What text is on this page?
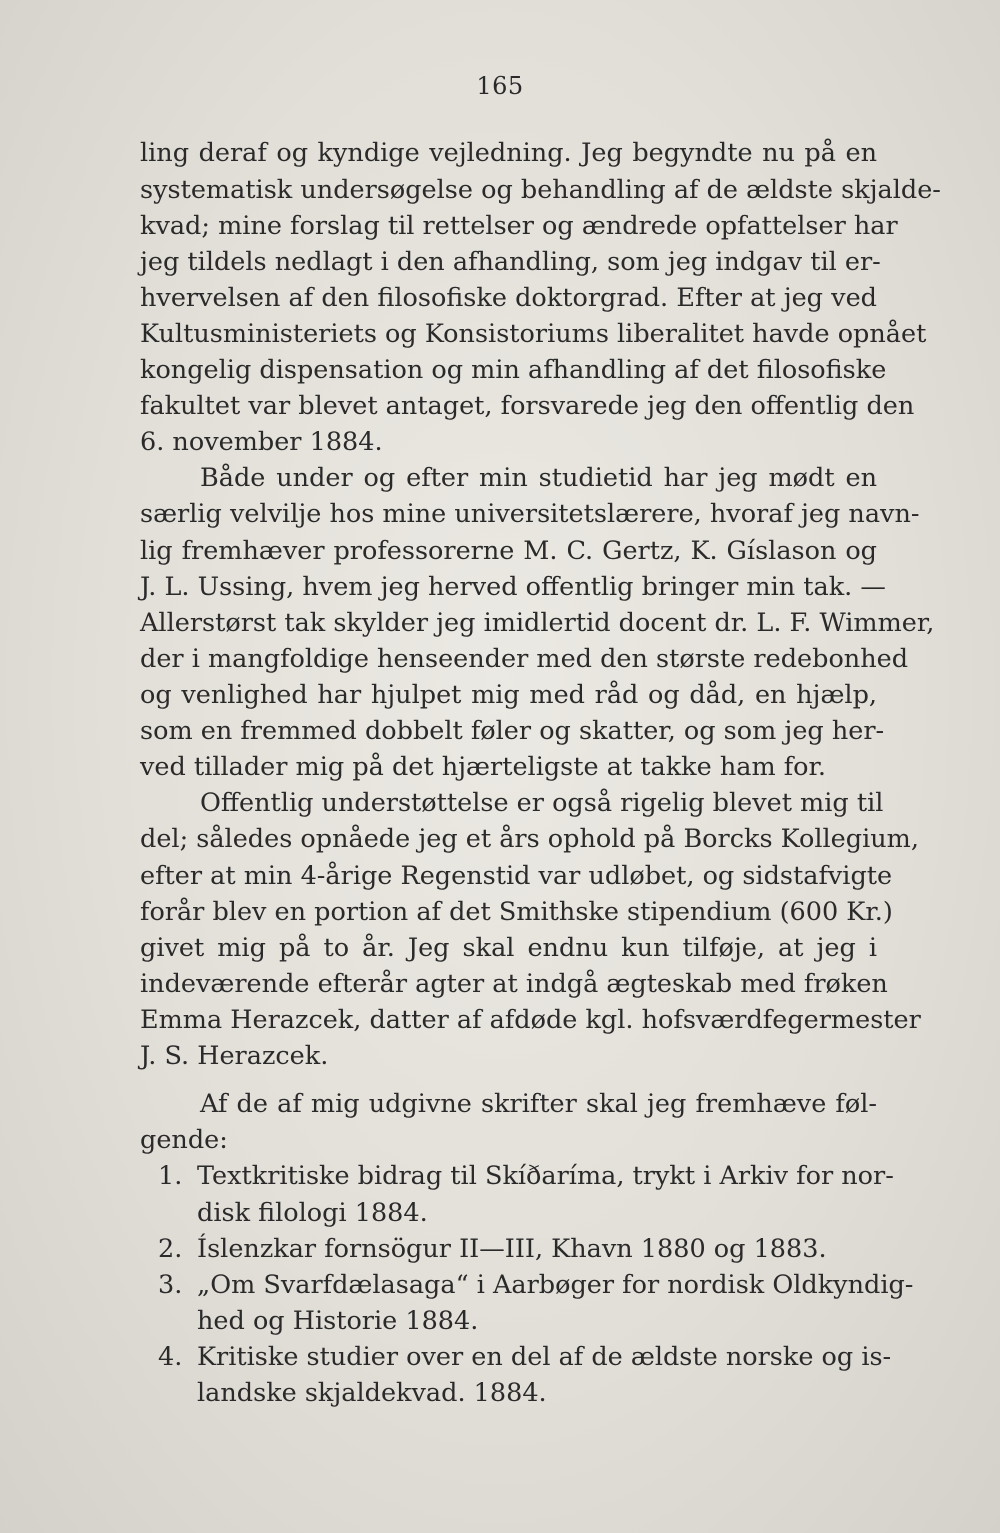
165
ling deraf og kyndige vejledning. Jeg begyndte nu på en
systematisk undersøgelse og behandling af de ældste skjalde-
kvad; mine forslag til rettelser og ændrede opfattelser har
jeg tildels nedlagt i den afhandling, som jeg indgav til er-
hvervelsen af den filosofiske doktorgrad. Efter at jeg ved
Kultusministeriets og Konsistoriums liberalitet havde opnået
kongelig dispensation og min afhandling af det filosofiske
fakultet var blevet antaget, forsvarede jeg den offentlig den
6. november 1884.
Både under og efter min studietid har jeg mødt en
særlig velvilje hos mine universitetslærere, hvoraf jeg navn-
lig fremhæver professorerne M. C. Gertz, K. Gíslason og
J. L. Ussing, hvem jeg herved offentlig bringer min tak. —
Allerstørst tak skylder jeg imidlertid docent dr. L. F. Wimmer,
der i mangfoldige henseender med den største redebonhed
og venlighed har hjulpet mig med råd og dåd, en hjælp,
som en fremmed dobbelt føler og skatter, og som jeg her-
ved tillader mig på det hjærteligste at takke ham for.
Offentlig understøttelse er også rigelig blevet mig til
del; således opnåede jeg et års ophold på Borcks Kollegium,
efter at min 4-årige Regenstid var udløbet, og sidstafvigte
forår blev en portion af det Smithske stipendium (600 Kr.)
givet mig på to år. Jeg skal endnu kun tilføje, at jeg i
indeværende efterår agter at indgå ægteskab med frøken
Emma Herazcek, datter af afdøde kgl. hofsværdfegermester
J. S. Herazcek.
Af de af mig udgivne skrifter skal jeg fremhæve føl-
gende:
1. Textkritiske bidrag til Skíðaríma, trykt i Arkiv for nor-
disk filologi 1884.
2. Íslenzkar fornsögur II—III, Khavn 1880 og 1883.
3. „Om Svarfdælasaga“ i Aarbøger for nordisk Oldkyndig-
hed og Historie 1884.
4. Kritiske studier over en del af de ældste norske og is-
landske skjaldekvad. 1884.
